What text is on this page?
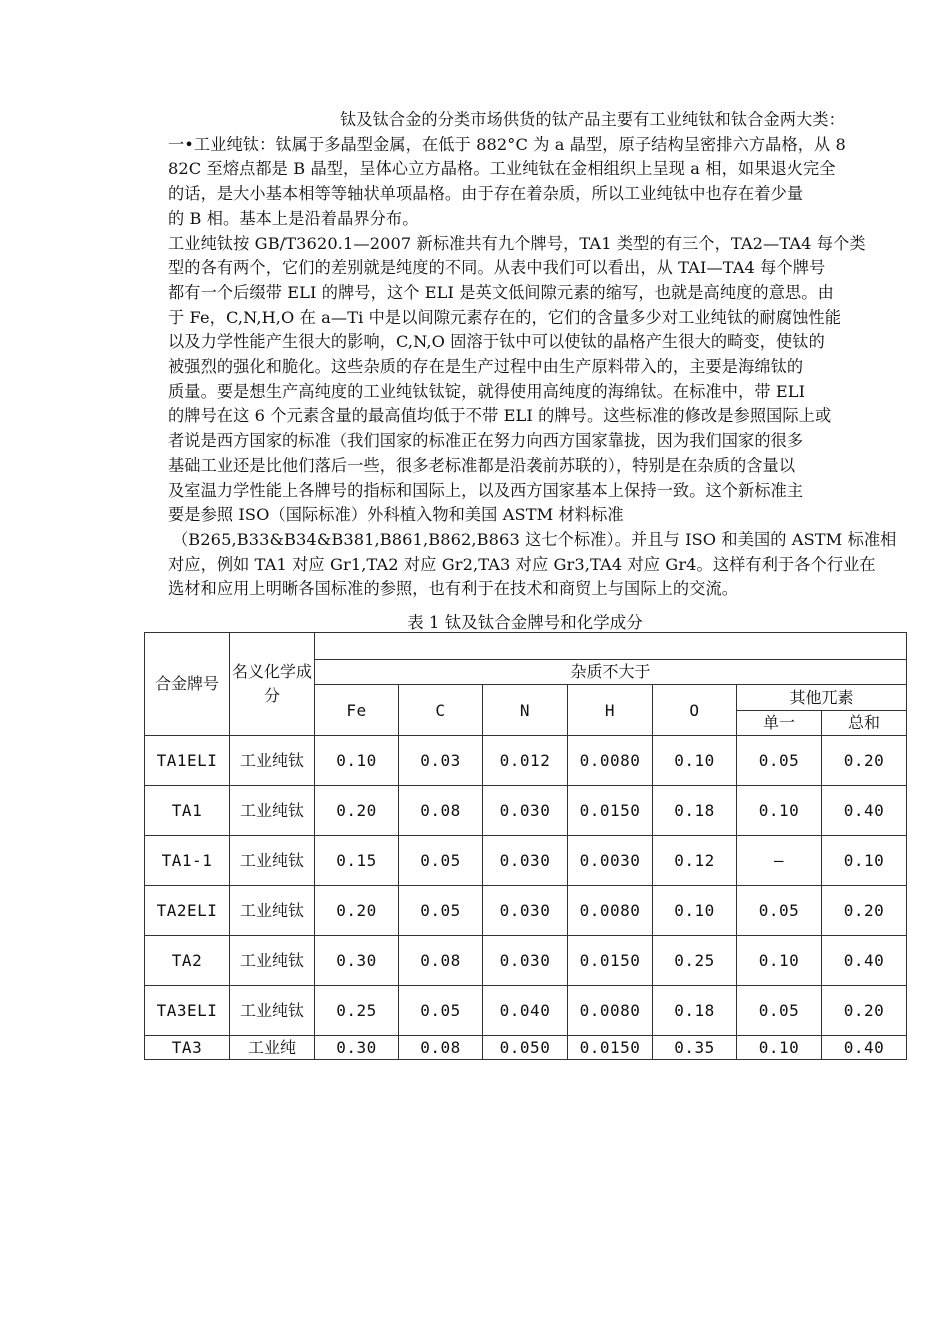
钛及钛合金的分类市场供货的钛产品主要有工业纯钛和钛合金两大类：
一•工业纯钛：钛属于多晶型金属，在低于 882°C 为 a 晶型，原子结构呈密排六方晶格，从 8
82C 至熔点都是 B 晶型，呈体心立方晶格。工业纯钛在金相组织上呈现 a 相，如果退火完全
的话，是大小基本相等等轴状单项晶格。由于存在着杂质，所以工业纯钛中也存在着少量
的 B 相。基本上是沿着晶界分布。
工业纯钛按 GB/T3620.1—2007 新标准共有九个牌号，TA1 类型的有三个，TA2—TA4 每个类
型的各有两个，它们的差别就是纯度的不同。从表中我们可以看出，从 TAI—TA4 每个牌号
都有一个后缀带 ELI 的牌号，这个 ELI 是英文低间隙元素的缩写，也就是高纯度的意思。由
于 Fe，C,N,H,O 在 a—Ti 中是以间隙元素存在的，它们的含量多少对工业纯钛的耐腐蚀性能
以及力学性能产生很大的影响，C,N,O 固溶于钛中可以使钛的晶格产生很大的畸变，使钛的
被强烈的强化和脆化。这些杂质的存在是生产过程中由生产原料带入的，主要是海绵钛的
质量。要是想生产高纯度的工业纯钛钛锭，就得使用高纯度的海绵钛。在标准中，带 ELI
的牌号在这 6 个元素含量的最高值均低于不带 ELI 的牌号。这些标准的修改是参照国际上或
者说是西方国家的标准（我们国家的标准正在努力向西方国家靠拢，因为我们国家的很多
基础工业还是比他们落后一些，很多老标准都是沿袭前苏联的），特别是在杂质的含量以
及室温力学性能上各牌号的指标和国际上，以及西方国家基本上保持一致。这个新标准主
要是参照 ISO（国际标准）外科植入物和美国 ASTM 材料标准
（B265,B33&B34&B381,B861,B862,B863 这七个标准）。并且与 ISO 和美国的 ASTM 标准相
对应，例如 TA1 对应 Gr1,TA2 对应 Gr2,TA3 对应 Gr3,TA4 对应 Gr4。这样有利于各个行业在
选材和应用上明晰各国标准的参照，也有利于在技术和商贸上与国际上的交流。
表 1 钛及钛合金牌号和化学成分
合金牌号	名义化学成分							
		杂质不大于						
		Fe	C	N	H	O	其他兀素	
							单一	总和
TA1ELI	工业纯钛	0.10	0.03	0.012	0.0080	0.10	0.05	0.20
TA1	工业纯钛	0.20	0.08	0.030	0.0150	0.18	0.10	0.40
TA1-1	工业纯钛	0.15	0.05	0.030	0.0030	0.12	—	0.10
TA2ELI	工业纯钛	0.20	0.05	0.030	0.0080	0.10	0.05	0.20
TA2	工业纯钛	0.30	0.08	0.030	0.0150	0.25	0.10	0.40
TA3ELI	工业纯钛	0.25	0.05	0.040	0.0080	0.18	0.05	0.20
TA3	工业纯	0.30	0.08	0.050	0.0150	0.35	0.10	0.40
